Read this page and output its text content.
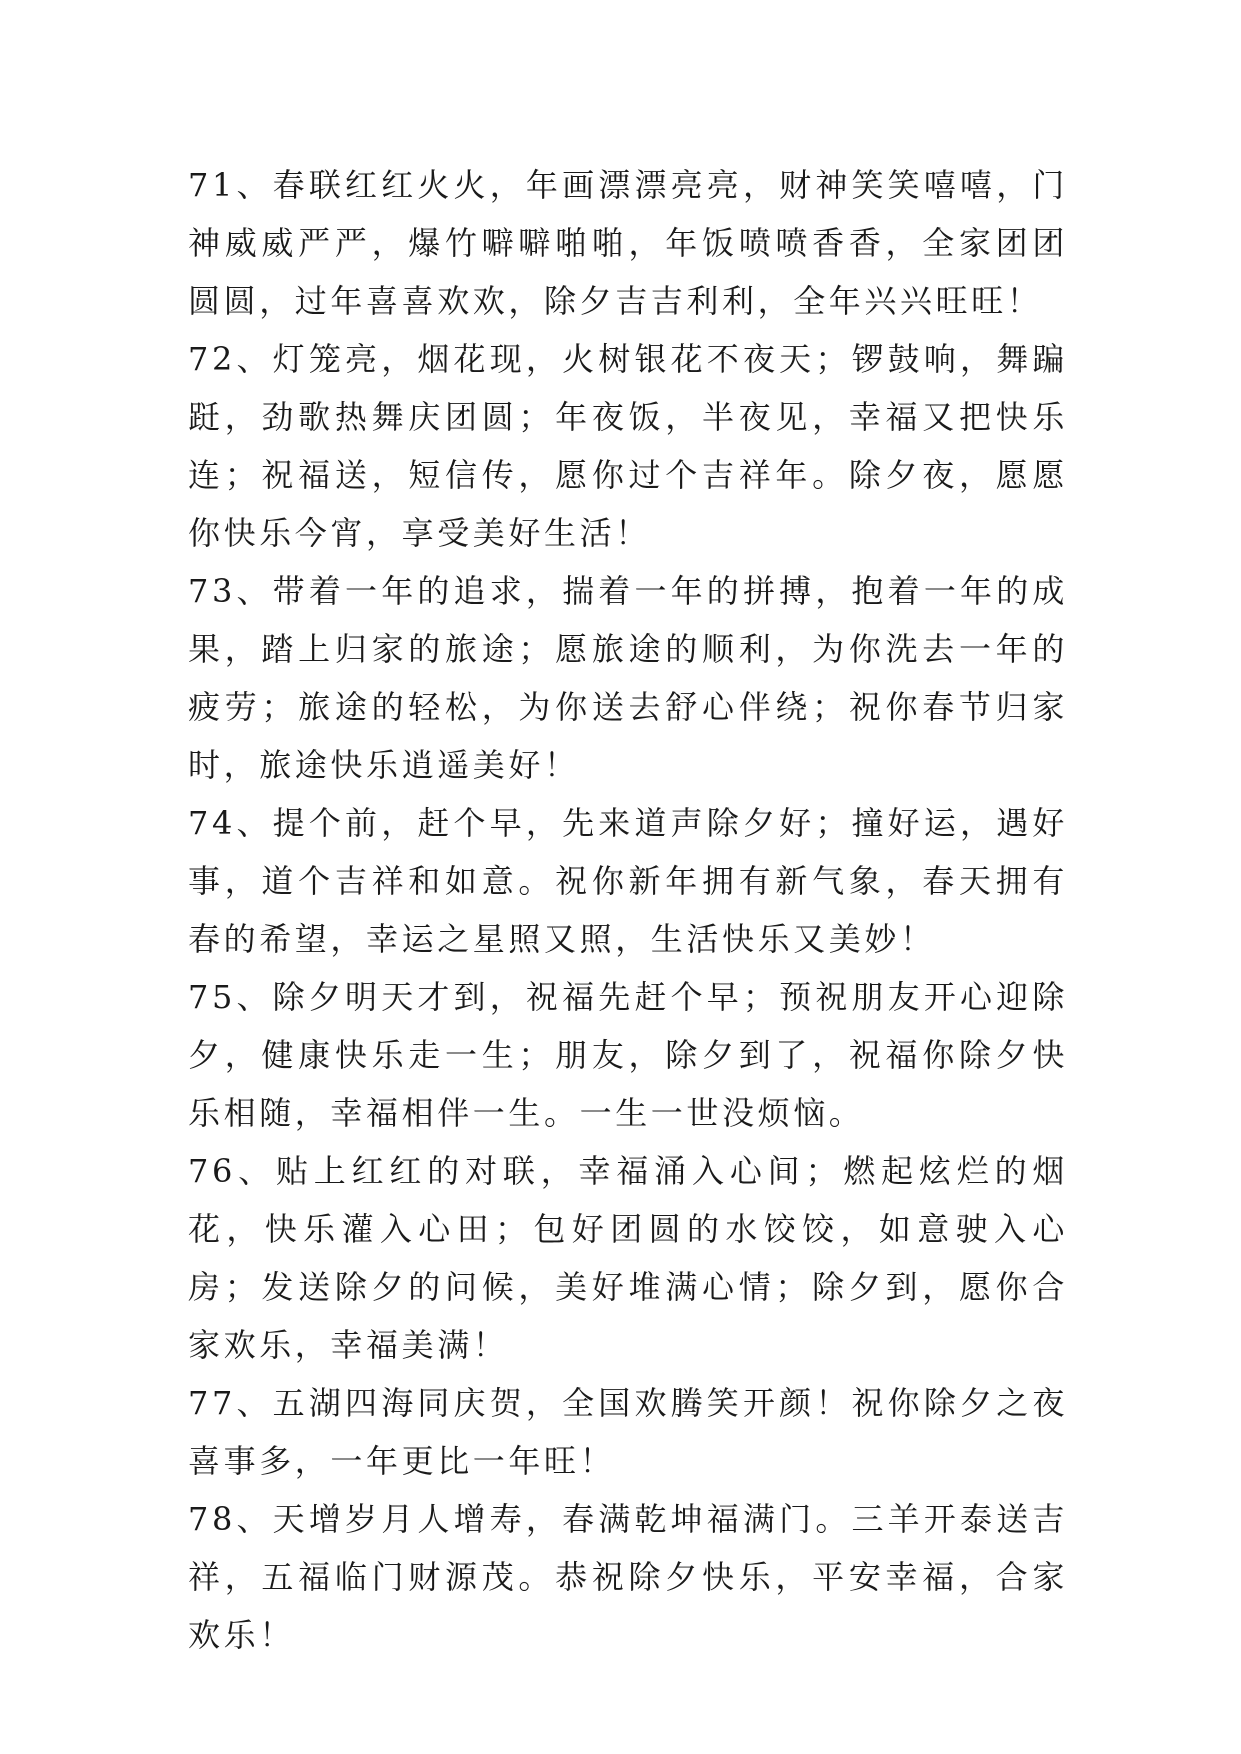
71、春联红红火火，年画漂漂亮亮，财神笑笑嘻嘻，门神威威严严，爆竹噼噼啪啪，年饭喷喷香香，全家团团圆圆，过年喜喜欢欢，除夕吉吉利利，全年兴兴旺旺！

72、灯笼亮，烟花现，火树银花不夜天；锣鼓响，舞蹁跹，劲歌热舞庆团圆；年夜饭，半夜见，幸福又把快乐连；祝福送，短信传，愿你过个吉祥年。除夕夜，愿愿你快乐今宵，享受美好生活！

73、带着一年的追求，揣着一年的拼搏，抱着一年的成果，踏上归家的旅途；愿旅途的顺利，为你洗去一年的疲劳；旅途的轻松，为你送去舒心伴绕；祝你春节归家时，旅途快乐逍遥美好！

74、提个前，赶个早，先来道声除夕好；撞好运，遇好事，道个吉祥和如意。祝你新年拥有新气象，春天拥有春的希望，幸运之星照又照，生活快乐又美妙！

75、除夕明天才到，祝福先赶个早；预祝朋友开心迎除夕，健康快乐走一生；朋友，除夕到了，祝福你除夕快乐相随，幸福相伴一生。一生一世没烦恼。

76、贴上红红的对联，幸福涌入心间；燃起炫烂的烟花，快乐灌入心田；包好团圆的水饺饺，如意驶入心房；发送除夕的问候，美好堆满心情；除夕到，愿你合家欢乐，幸福美满！

77、五湖四海同庆贺，全国欢腾笑开颜！祝你除夕之夜喜事多，一年更比一年旺！

78、天增岁月人增寿，春满乾坤福满门。三羊开泰送吉祥，五福临门财源茂。恭祝除夕快乐，平安幸福，合家欢乐！
